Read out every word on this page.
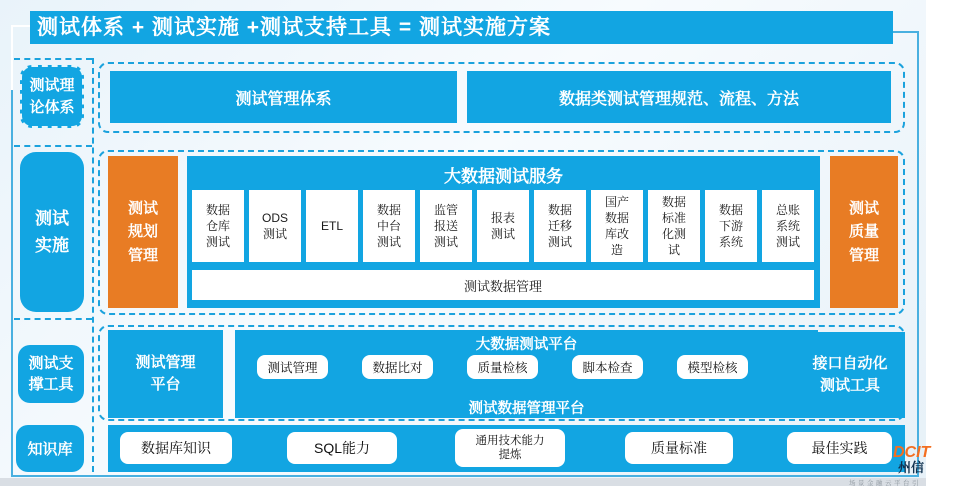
测试体系 + 测试实施 +测试支持工具 = 测试实施方案
测试理
论体系
测试
实施
测试支
撑工具
知识库
测试管理体系	数据类测试管理规范、流程、方法
测试
规划
管理
大数据测试服务
数据
仓库
测试
ODS
测试
ETL
数据
中台
测试
监管
报送
测试
报表
测试
数据
迁移
测试
国产
数据
库改
造
数据
标准
化测
试
数据
下游
系统
总账
系统
测试
测试数据管理
测试
质量
管理
测试管理
平台
大数据测试平台
测试管理	数据比对	质量检核	脚本检查	模型检核
测试数据管理平台
接口自动化
测试工具
数据库知识	SQL能力	通用技术能力
提炼	质量标准	最佳实践	DCIT
州信
场景金融云平台引
